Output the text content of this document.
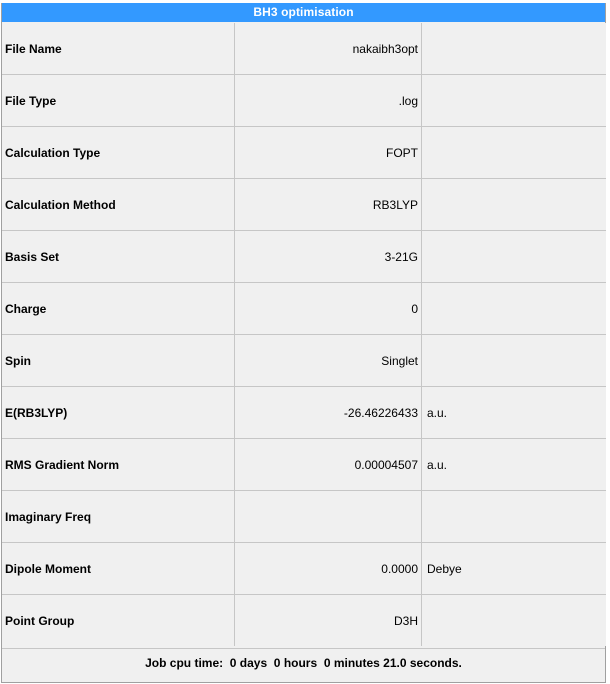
BH3 optimisation
File Name	nakaibh3opt	
File Type	.log	
Calculation Type	FOPT	
Calculation Method	RB3LYP	
Basis Set	3-21G	
Charge	0	
Spin	Singlet	
E(RB3LYP)	-26.46226433	a.u.
RMS Gradient Norm	0.00004507	a.u.
Imaginary Freq		
Dipole Moment	0.0000	Debye
Point Group	D3H	
Job cpu time:  0 days  0 hours  0 minutes 21.0 seconds.
